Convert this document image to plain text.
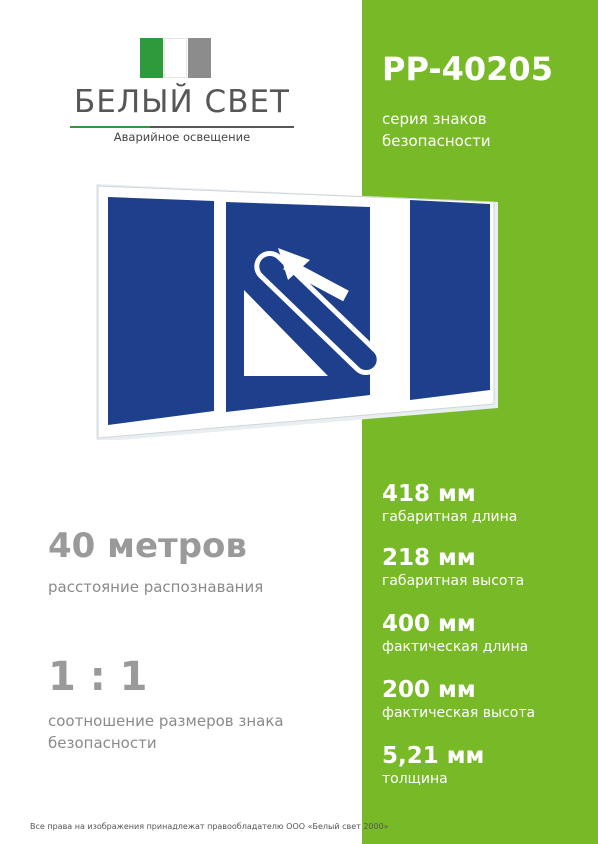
БЕЛЫЙ СВЕТ
Аварийное освещение
PP-40205
серия знаков безопасности
418 мм
габаритная длина
218 мм
габаритная высота
400 мм
фактическая длина
200 мм
фактическая высота
5,21 мм
толщина
40 метров
расстояние распознавания
1 : 1
соотношение размеров знака безопасности
Все права на изображения принадлежат правообладателю ООО «Белый свет 2000»
